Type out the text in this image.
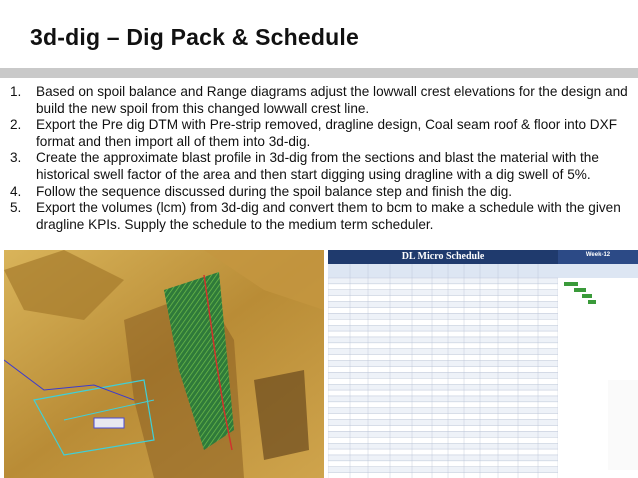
3d-dig – Dig Pack & Schedule
1.	Based on spoil balance and Range diagrams adjust the lowwall crest elevations for the design and build the new spoil from this changed lowwall crest line.
2.	Export the Pre dig DTM with Pre-strip removed, dragline design, Coal seam roof & floor into DXF format and then import all of them into 3d-dig.
3.	Create the approximate blast profile in 3d-dig from the sections and blast the material with the historical swell factor of the area and then start digging using dragline with a dig swell of 5%.
4.	Follow the sequence discussed during the spoil balance step and finish the dig.
5.	Export the volumes (lcm) from 3d-dig and convert them to bcm to make a schedule with the given dragline KPIs. Supply the schedule to the medium term scheduler.
DL Micro Schedule	Week-12
